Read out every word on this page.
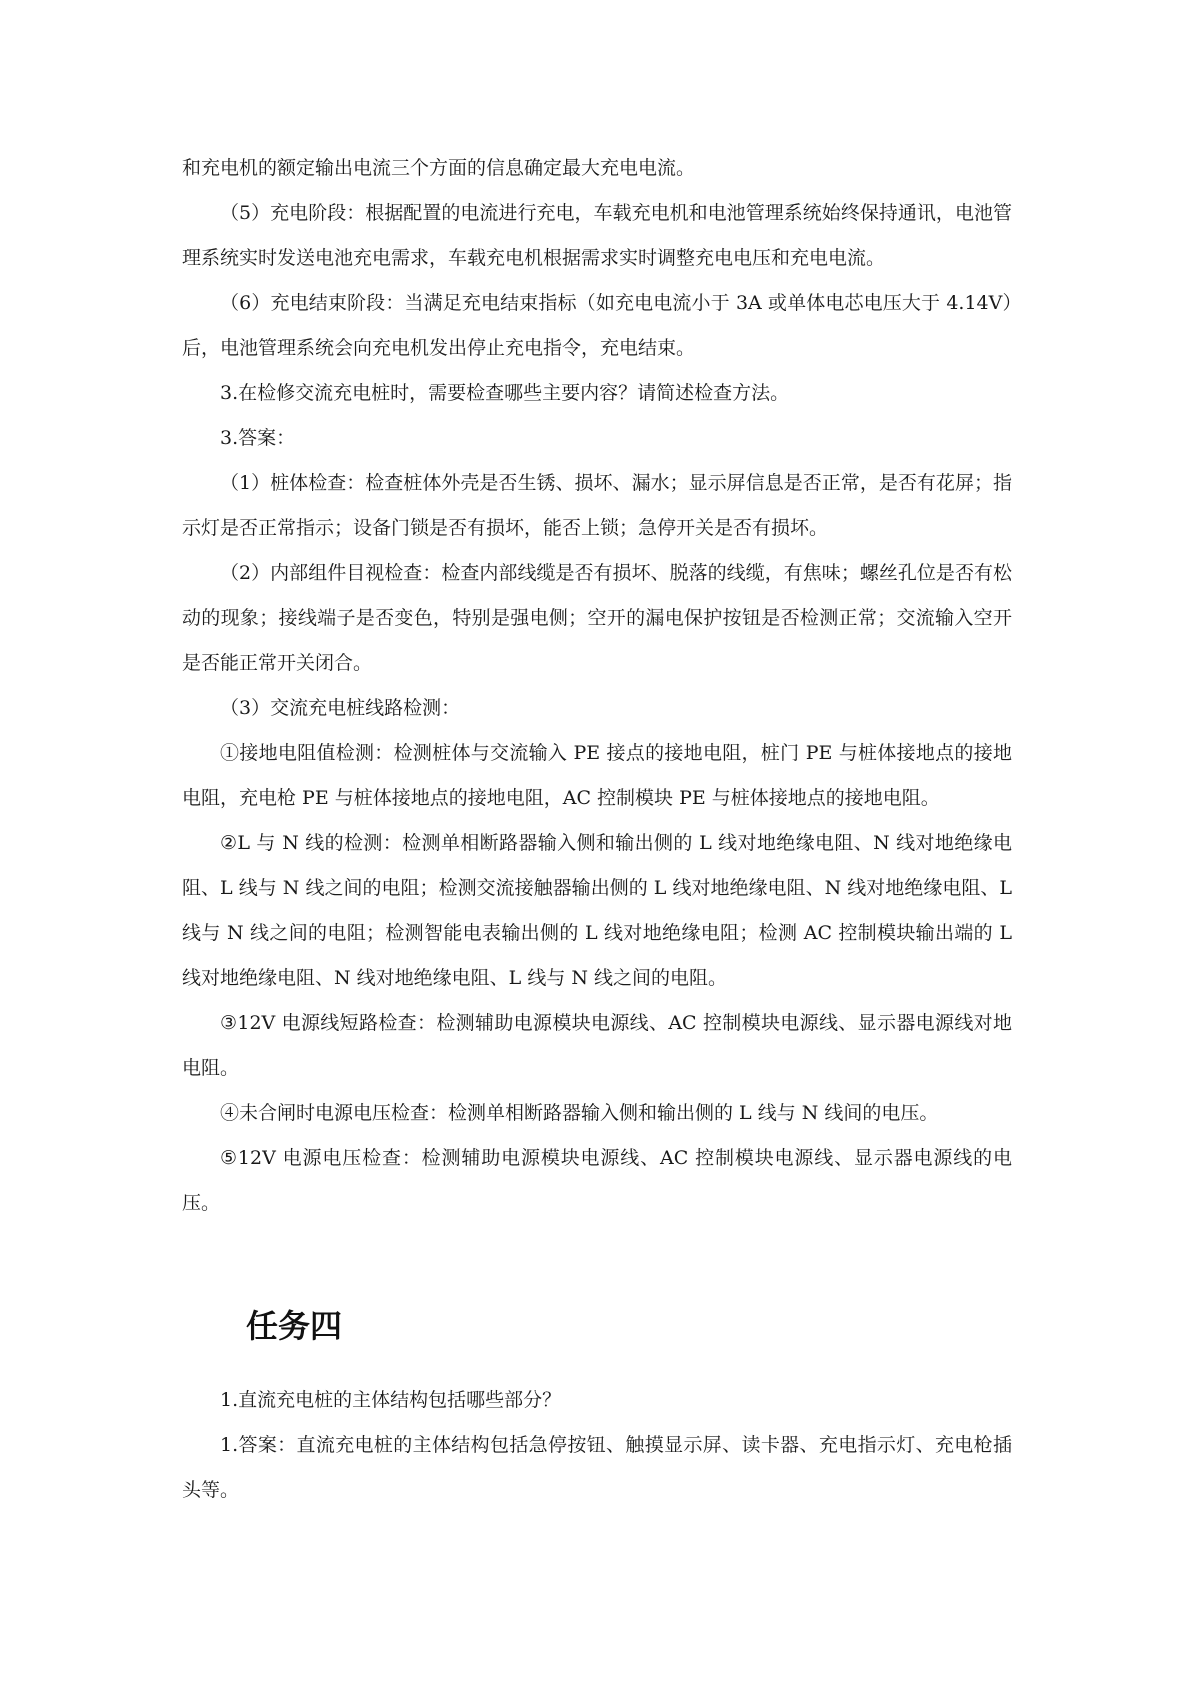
和充电机的额定输出电流三个方面的信息确定最大充电电流。

（5）充电阶段：根据配置的电流进行充电，车载充电机和电池管理系统始终保持通讯，电池管理系统实时发送电池充电需求，车载充电机根据需求实时调整充电电压和充电电流。

（6）充电结束阶段：当满足充电结束指标（如充电电流小于 3A 或单体电芯电压大于 4.14V）后，电池管理系统会向充电机发出停止充电指令，充电结束。

3.在检修交流充电桩时，需要检查哪些主要内容？请简述检查方法。

3.答案：

（1）桩体检查：检查桩体外壳是否生锈、损坏、漏水；显示屏信息是否正常，是否有花屏；指示灯是否正常指示；设备门锁是否有损坏，能否上锁；急停开关是否有损坏。

（2）内部组件目视检查：检查内部线缆是否有损坏、脱落的线缆，有焦味；螺丝孔位是否有松动的现象；接线端子是否变色，特别是强电侧；空开的漏电保护按钮是否检测正常；交流输入空开是否能正常开关闭合。

（3）交流充电桩线路检测：

①接地电阻值检测：检测桩体与交流输入 PE 接点的接地电阻，桩门 PE 与桩体接地点的接地电阻，充电枪 PE 与桩体接地点的接地电阻，AC 控制模块 PE 与桩体接地点的接地电阻。

②L 与 N 线的检测：检测单相断路器输入侧和输出侧的 L 线对地绝缘电阻、N 线对地绝缘电阻、L 线与 N 线之间的电阻；检测交流接触器输出侧的 L 线对地绝缘电阻、N 线对地绝缘电阻、L 线与 N 线之间的电阻；检测智能电表输出侧的 L 线对地绝缘电阻；检测 AC 控制模块输出端的 L 线对地绝缘电阻、N 线对地绝缘电阻、L 线与 N 线之间的电阻。

③12V 电源线短路检查：检测辅助电源模块电源线、AC 控制模块电源线、显示器电源线对地电阻。

④未合闸时电源电压检查：检测单相断路器输入侧和输出侧的 L 线与 N 线间的电压。

⑤12V 电源电压检查：检测辅助电源模块电源线、AC 控制模块电源线、显示器电源线的电压。

任务四

1.直流充电桩的主体结构包括哪些部分？

1.答案：直流充电桩的主体结构包括急停按钮、触摸显示屏、读卡器、充电指示灯、充电枪插头等。
